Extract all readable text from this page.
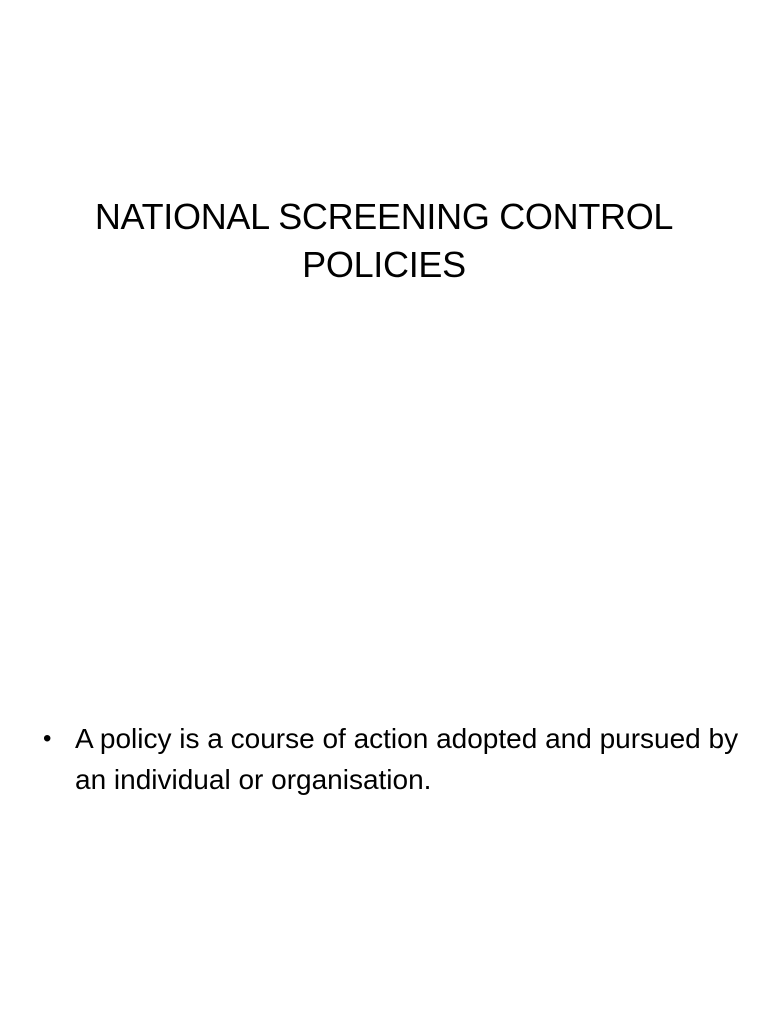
NATIONAL SCREENING CONTROL POLICIES
• A policy is a course of action adopted and pursued by an individual or organisation.
